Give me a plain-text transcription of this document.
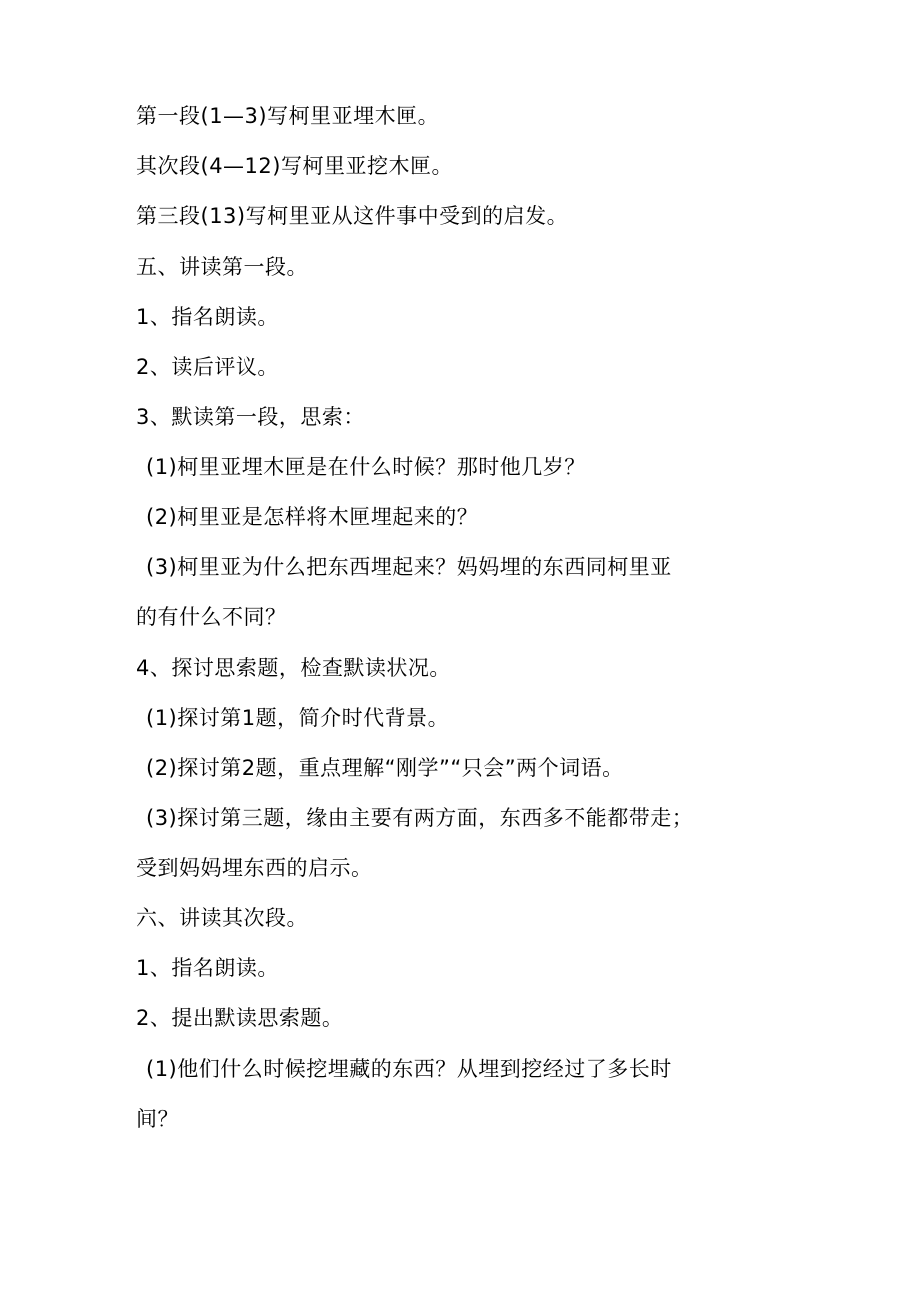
第一段(1—3)写柯里亚埋木匣。

其次段(4—12)写柯里亚挖木匣。

第三段(13)写柯里亚从这件事中受到的启发。

五、讲读第一段。

1、指名朗读。

2、读后评议。

3、默读第一段，思索：

(1)柯里亚埋木匣是在什么时候？那时他几岁？

(2)柯里亚是怎样将木匣埋起来的？

(3)柯里亚为什么把东西埋起来？妈妈埋的东西同柯里亚

的有什么不同？

4、探讨思索题，检查默读状况。

(1)探讨第1题，简介时代背景。

(2)探讨第2题，重点理解“刚学”“只会”两个词语。

(3)探讨第三题，缘由主要有两方面，东西多不能都带走；

受到妈妈埋东西的启示。

六、讲读其次段。

1、指名朗读。

2、提出默读思索题。

(1)他们什么时候挖埋藏的东西？从埋到挖经过了多长时

间？
